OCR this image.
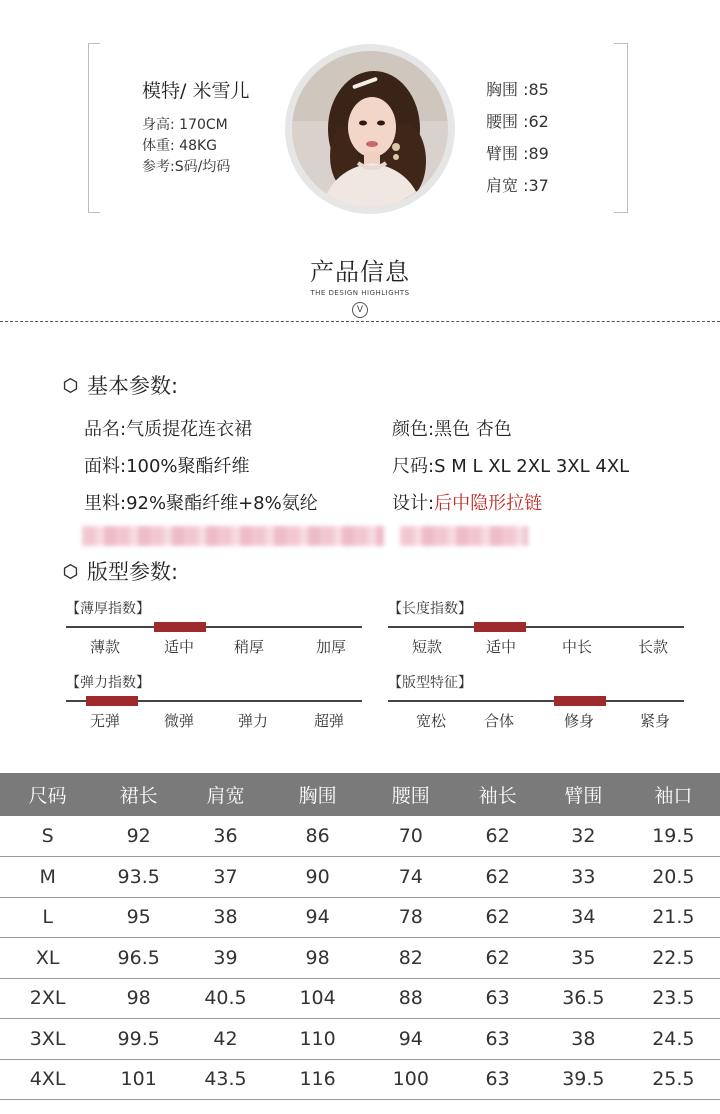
模特/ 米雪儿
身高: 170CM
体重: 48KG
参考:S码/均码
胸围 :85
腰围 :62
臂围 :89
肩宽 :37
产品信息
THE DESIGN HIGHLIGHTS
V
基本参数:
品名:气质提花连衣裙	颜色:黑色 杏色
面料:100%聚酯纤维	尺码:S M L XL 2XL 3XL 4XL
里料:92%聚酯纤维+8%氨纶	设计:后中隐形拉链
版型参数:
【薄厚指数】
薄款	适中	稍厚	加厚
【长度指数】
短款	适中	中长	长款
【弹力指数】
无弹	微弹	弹力	超弹
【版型特征】
宽松	合体	修身	紧身
尺码	裙长	肩宽	胸围	腰围	袖长	臂围	袖口
S	92	36	86	70	62	32	19.5
M	93.5	37	90	74	62	33	20.5
L	95	38	94	78	62	34	21.5
XL	96.5	39	98	82	62	35	22.5
2XL	98	40.5	104	88	63	36.5	23.5
3XL	99.5	42	110	94	63	38	24.5
4XL	101	43.5	116	100	63	39.5	25.5
